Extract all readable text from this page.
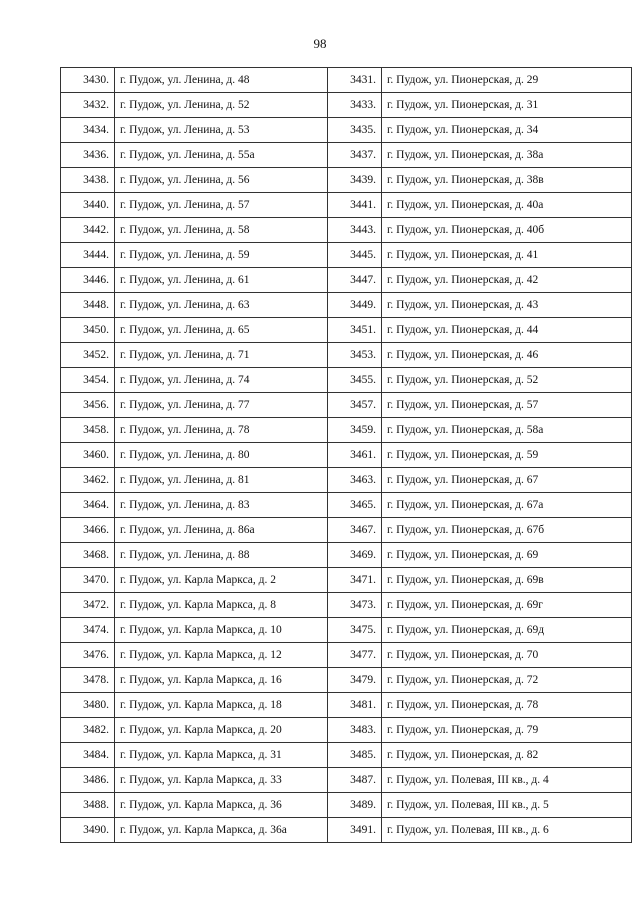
98
3430.	г. Пудож, ул. Ленина, д. 48	3431.	г. Пудож, ул. Пионерская, д. 29
3432.	г. Пудож, ул. Ленина, д. 52	3433.	г. Пудож, ул. Пионерская, д. 31
3434.	г. Пудож, ул. Ленина, д. 53	3435.	г. Пудож, ул. Пионерская, д. 34
3436.	г. Пудож, ул. Ленина, д. 55а	3437.	г. Пудож, ул. Пионерская, д. 38а
3438.	г. Пудож, ул. Ленина, д. 56	3439.	г. Пудож, ул. Пионерская, д. 38в
3440.	г. Пудож, ул. Ленина, д. 57	3441.	г. Пудож, ул. Пионерская, д. 40а
3442.	г. Пудож, ул. Ленина, д. 58	3443.	г. Пудож, ул. Пионерская, д. 40б
3444.	г. Пудож, ул. Ленина, д. 59	3445.	г. Пудож, ул. Пионерская, д. 41
3446.	г. Пудож, ул. Ленина, д. 61	3447.	г. Пудож, ул. Пионерская, д. 42
3448.	г. Пудож, ул. Ленина, д. 63	3449.	г. Пудож, ул. Пионерская, д. 43
3450.	г. Пудож, ул. Ленина, д. 65	3451.	г. Пудож, ул. Пионерская, д. 44
3452.	г. Пудож, ул. Ленина, д. 71	3453.	г. Пудож, ул. Пионерская, д. 46
3454.	г. Пудож, ул. Ленина, д. 74	3455.	г. Пудож, ул. Пионерская, д. 52
3456.	г. Пудож, ул. Ленина, д. 77	3457.	г. Пудож, ул. Пионерская, д. 57
3458.	г. Пудож, ул. Ленина, д. 78	3459.	г. Пудож, ул. Пионерская, д. 58а
3460.	г. Пудож, ул. Ленина, д. 80	3461.	г. Пудож, ул. Пионерская, д. 59
3462.	г. Пудож, ул. Ленина, д. 81	3463.	г. Пудож, ул. Пионерская, д. 67
3464.	г. Пудож, ул. Ленина, д. 83	3465.	г. Пудож, ул. Пионерская, д. 67а
3466.	г. Пудож, ул. Ленина, д. 86а	3467.	г. Пудож, ул. Пионерская, д. 67б
3468.	г. Пудож, ул. Ленина, д. 88	3469.	г. Пудож, ул. Пионерская, д. 69
3470.	г. Пудож, ул. Карла Маркса, д. 2	3471.	г. Пудож, ул. Пионерская, д. 69в
3472.	г. Пудож, ул. Карла Маркса, д. 8	3473.	г. Пудож, ул. Пионерская, д. 69г
3474.	г. Пудож, ул. Карла Маркса, д. 10	3475.	г. Пудож, ул. Пионерская, д. 69д
3476.	г. Пудож, ул. Карла Маркса, д. 12	3477.	г. Пудож, ул. Пионерская, д. 70
3478.	г. Пудож, ул. Карла Маркса, д. 16	3479.	г. Пудож, ул. Пионерская, д. 72
3480.	г. Пудож, ул. Карла Маркса, д. 18	3481.	г. Пудож, ул. Пионерская, д. 78
3482.	г. Пудож, ул. Карла Маркса, д. 20	3483.	г. Пудож, ул. Пионерская, д. 79
3484.	г. Пудож, ул. Карла Маркса, д. 31	3485.	г. Пудож, ул. Пионерская, д. 82
3486.	г. Пудож, ул. Карла Маркса, д. 33	3487.	г. Пудож, ул. Полевая, III кв., д. 4
3488.	г. Пудож, ул. Карла Маркса, д. 36	3489.	г. Пудож, ул. Полевая, III кв., д. 5
3490.	г. Пудож, ул. Карла Маркса, д. 36а	3491.	г. Пудож, ул. Полевая, III кв., д. 6
